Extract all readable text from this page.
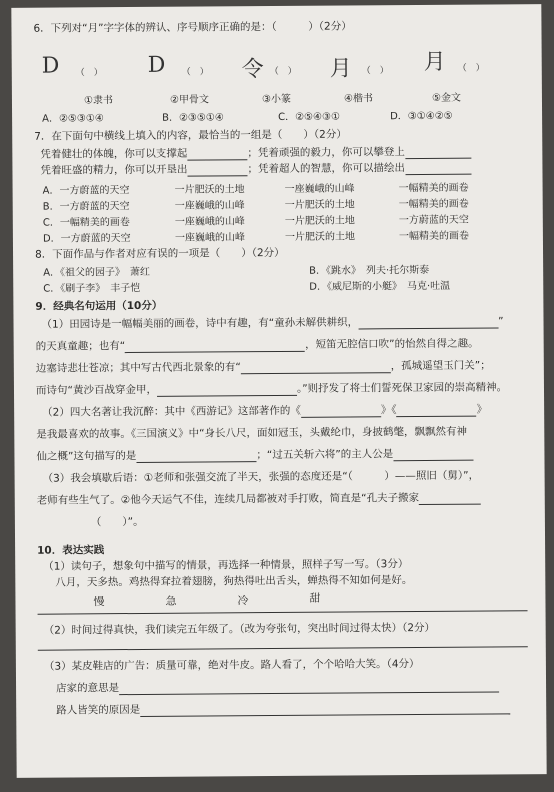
6．下列对“月”字字体的辨认、序号顺序正确的是：（　　　）（2分）
D （　） D （　） 令 （　） 月 （　） 月 （　）
①隶书	②甲骨文	③小篆	④楷书	⑤金文
A．②⑤③①④	B．②③⑤①④	C．②⑤④③①	D．③①④②⑤
7．在下面句中横线上填入的内容，最恰当的一组是（　　）（2分）
凭着健壮的体魄，你可以支撑起	；凭着顽强的毅力，你可以攀登上
凭着旺盛的精力，你可以开垦出	；凭着超人的智慧，你可以描绘出
A．一方蔚蓝的天空	一片肥沃的土地	一座巍峨的山峰	一幅精美的画卷
B．一方蔚蓝的天空	一座巍峨的山峰	一片肥沃的土地	一幅精美的画卷
C．一幅精美的画卷	一座巍峨的山峰	一片肥沃的土地	一方蔚蓝的天空
D．一方蔚蓝的天空	一座巍峨的山峰	一片肥沃的土地	一幅精美的画卷
8．下面作品与作者对应有误的一项是（　　）（2分）
A．《祖父的园子》　萧红	B．《跳水》　列夫·托尔斯泰
C．《刷子李》　丰子恺	D．《威尼斯的小艇》　马克·吐温
9．经典名句运用（10分）
（1）田园诗是一幅幅美丽的画卷，诗中有趣，有“童孙未解供耕织，	”
的天真童趣；也有“	，短笛无腔信口吹”的怡然自得之趣。
边塞诗悲壮苍凉；其中写古代西北景象的有“	，孤城遥望玉门关”；
而诗句“黄沙百战穿金甲，	。”则抒发了将士们誓死保卫家园的崇高精神。
（2）四大名著让我沉醉：其中《西游记》这部著作的《	》《	》
是我最喜欢的故事。《三国演义》中“身长八尺，面如冠玉，头戴纶巾，身披鹤氅，飘飘然有神
仙之概”这句描写的是	；“过五关斩六将”的主人公是
（3）我会填歇后语：①老师和张强交流了半天，张强的态度还是“（　　　）——照旧（舅）”，
老师有些生气了。②他今天运气不佳，连续几局都被对手打败，简直是“孔夫子搬家
（　　）”。
10．表达实践
（1）读句子，想象句中描写的情景，再选择一种情景，照样子写一写。（3分）
八月，天多热。鸡热得耷拉着翅膀，狗热得吐出舌头，蝉热得不知如何是好。
慢	急	冷	甜
（2）时间过得真快，我们读完五年级了。（改为夸张句，突出时间过得太快）（2分）
（3）某皮鞋店的广告：质量可靠，绝对牛皮。路人看了，个个哈哈大笑。（4分）
店家的意思是
路人皆笑的原因是
